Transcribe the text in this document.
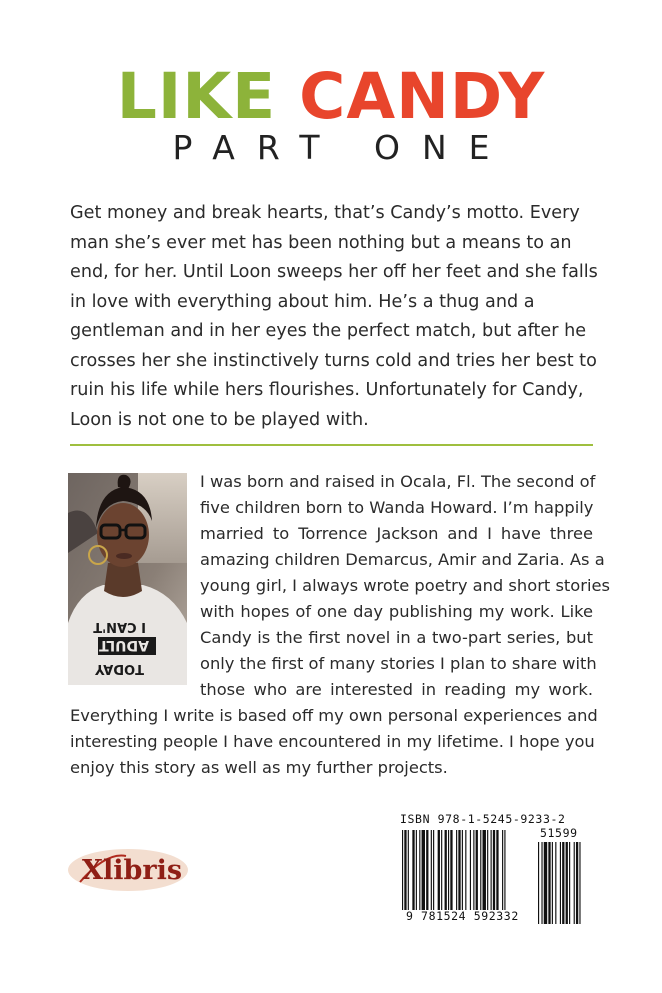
LIKE CANDY
PART ONE

Get money and break hearts, that’s Candy’s motto. Every man she’s ever met has been nothing but a means to an end, for her. Until Loon sweeps her off her feet and she falls in love with everything about him. He’s a thug and a gentleman and in her eyes the perfect match, but after he crosses her she instinctively turns cold and tries her best to ruin his life while hers flourishes. Unfortunately for Candy, Loon is not one to be played with.

I CAN'T
ADULT
TODAY
I was born and raised in Ocala, Fl. The second of
five children born to Wanda Howard. I’m happily
married to Torrence Jackson and I have three
amazing children Demarcus, Amir and Zaria. As a
young girl, I always wrote poetry and short stories
with hopes of one day publishing my work. Like
Candy is the first novel in a two-part series, but
only the first of many stories I plan to share with
those who are interested in reading my work.
Everything I write is based off my own personal experiences and
interesting people I have encountered in my lifetime. I hope you
enjoy this story as well as my further projects.
Xlibris
ISBN 978-1-5245-9233-2
51599
9 781524 592332
